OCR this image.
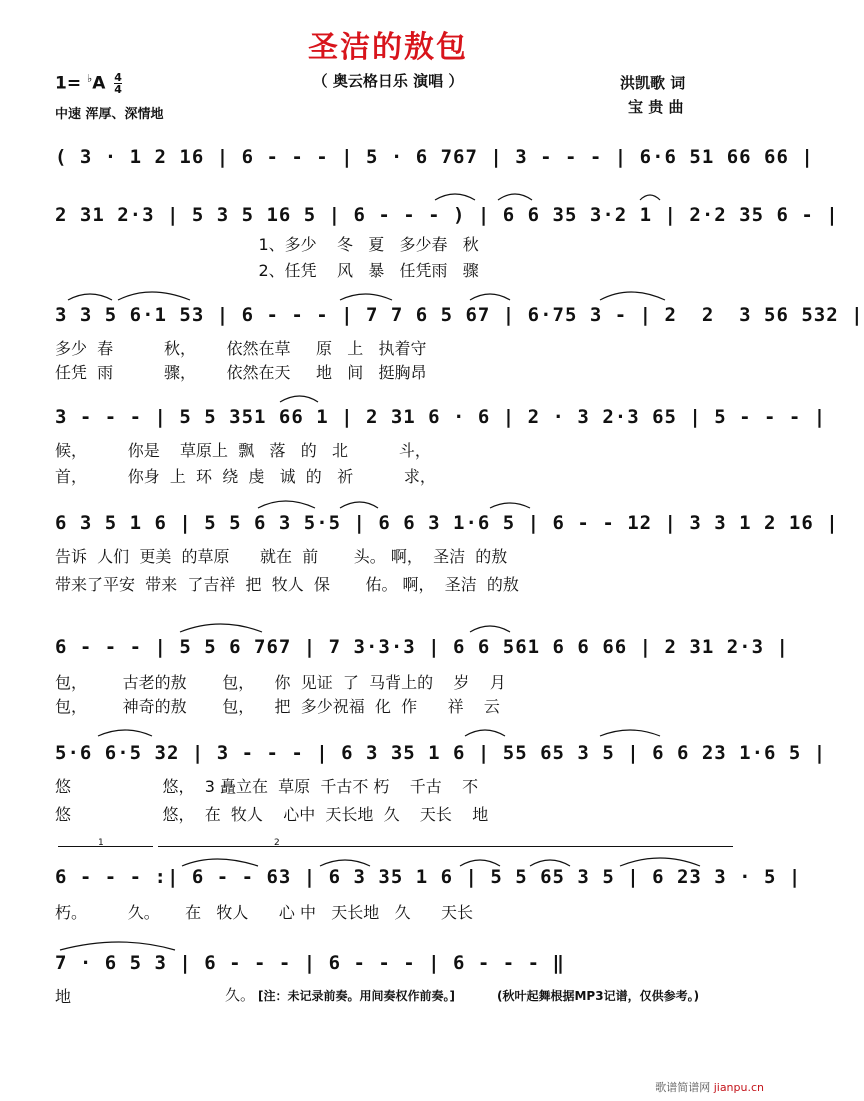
圣洁的敖包
（ 奥云格日乐 演唱 ）
$1= ^♭A \frac{4}{4}$
中速 浑厚、深情地
洪凯歌 词
宝 贵 曲
( 3 · 1 2 16 | 6 - - - | 5 · 6 767 | 3 - - - | 6·6 51 66 66 |
2 31 2·3 | 5 3 5 16 5 | 6 - - - ) | 6 6 35 3·2 1 | 2·2 35 6 - |
1、多少    冬   夏   多少春   秋
2、任凭    风   暴   任凭雨   骤
3 3 5 6·1 53 | 6 - - - | 7 7 6 5 67 | 6·75 3 - | 2  2  3 56 532 |
多少  春          秋，      依然在草     原   上   执着守
任凭  雨          骤，      依然在天     地   间   挺胸昂
3 - - - | 5 5 351 66 1 | 2 31 6 · 6 | 2 · 3 2·3 65 | 5 - - - |
候，        你是    草原上  飘   落   的   北          斗，
首，        你身  上  环  绕  虔   诚  的   祈          求，
6 3 5 1 6 | 5 5 6 3 5·5 | 6 6 3 1·6 5 | 6 - - 12 | 3 3 1 2 16 |
告诉  人们  更美  的草原      就在  前       头。 啊，  圣洁  的敖
带来了平安  带来  了吉祥  把  牧人  保       佑。 啊，  圣洁  的敖
6 - - - | 5 5 6 767 | 7 3·3·3 | 6 6 561 6 6 66 | 2 31 2·3 |
包，       古老的敖       包，    你  见证  了  马背上的    岁    月
包，       神奇的敖       包，    把  多少祝福  化  作      祥    云
5·6 6·5 32 | 3 - - - | 6 3 35 1 6 | 55 65 3 5 | 6 6 23 1·6 5 |
悠                  悠，  3 矗立在  草原  千古不 朽    千古    不
悠                  悠，  在  牧人    心中  天长地  久    天长    地
1	2
6 - - - :| 6 - - 63 | 6 3 35 1 6 | 5 5 65 3 5 | 6 23 3 · 5 |
朽。        久。     在   牧人      心 中   天长地   久      天长
7 · 6 5 3 | 6 - - - | 6 - - - | 6 - - - ‖
地	久。 [注：未记录前奏。用间奏权作前奏。]	(秋叶起舞根据MP3记谱，仅供参考。)
歌谱简谱网 jianpu.cn
